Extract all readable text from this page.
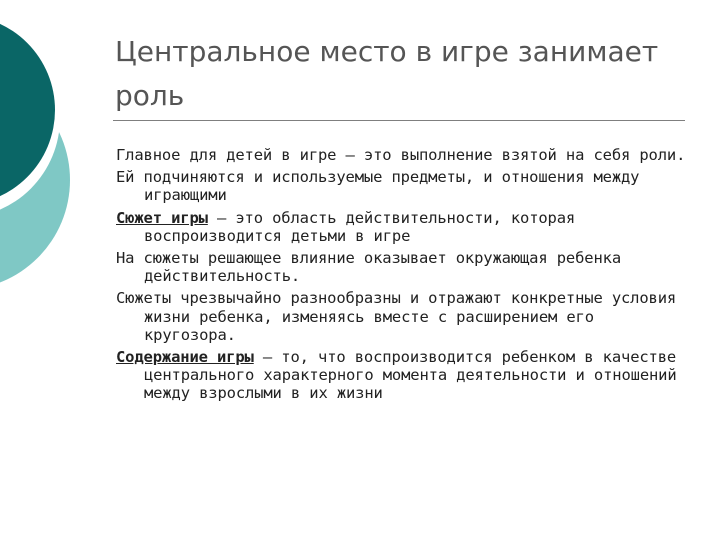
Центральное место в игре занимает роль

Главное для детей в игре – это выполнение взятой на себя роли.

Ей подчиняются и используемые предметы, и отношения между играющими

Сюжет игры – это область действительности, которая воспроизводится детьми в игре

На сюжеты решающее влияние оказывает окружающая ребенка действительность.

Сюжеты чрезвычайно разнообразны и отражают конкретные условия жизни ребенка, изменяясь вместе с расширением его кругозора.

Содержание игры – то, что воспроизводится ребенком в качестве центрального характерного момента деятельности и отношений между взрослыми в их жизни
